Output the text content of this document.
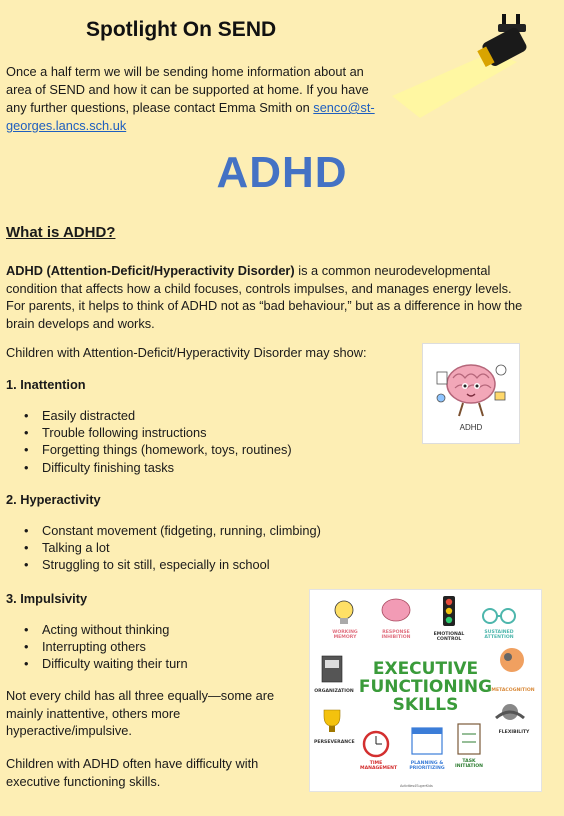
Spotlight On SEND
Once a half term we will be sending home information about an area of SEND and how it can be supported at home. If you have any further questions, please contact Emma Smith on senco@st-georges.lancs.sch.uk
ADHD
What is ADHD?
ADHD (Attention-Deficit/Hyperactivity Disorder) is a common neurodevelopmental condition that affects how a child focuses, controls impulses, and manages energy levels. For parents, it helps to think of ADHD not as “bad behaviour,” but as a difference in how the brain develops and works.
Children with Attention-Deficit/Hyperactivity Disorder may show:
1. Inattention
• Easily distracted
• Trouble following instructions
• Forgetting things (homework, toys, routines)
• Difficulty finishing tasks
2. Hyperactivity
• Constant movement (fidgeting, running, climbing)
• Talking a lot
• Struggling to sit still, especially in school
3. Impulsivity
• Acting without thinking
• Interrupting others
• Difficulty waiting their turn
Not every child has all three equally—some are mainly inattentive, others more hyperactive/impulsive.
Children with ADHD often have difficulty with executive functioning skills.
ADHD
EXECUTIVE
FUNCTIONING
SKILLS
WORKING MEMORY
RESPONSE INHIBITION
EMOTIONAL CONTROL
SUSTAINED ATTENTION
ORGANIZATION	METACOGNITION
PERSEVERANCE
FLEXIBILITY
TIME MANAGEMENT
PLANNING & PRIORITIZING
TASK INITIATION
Activities4SuperKids
